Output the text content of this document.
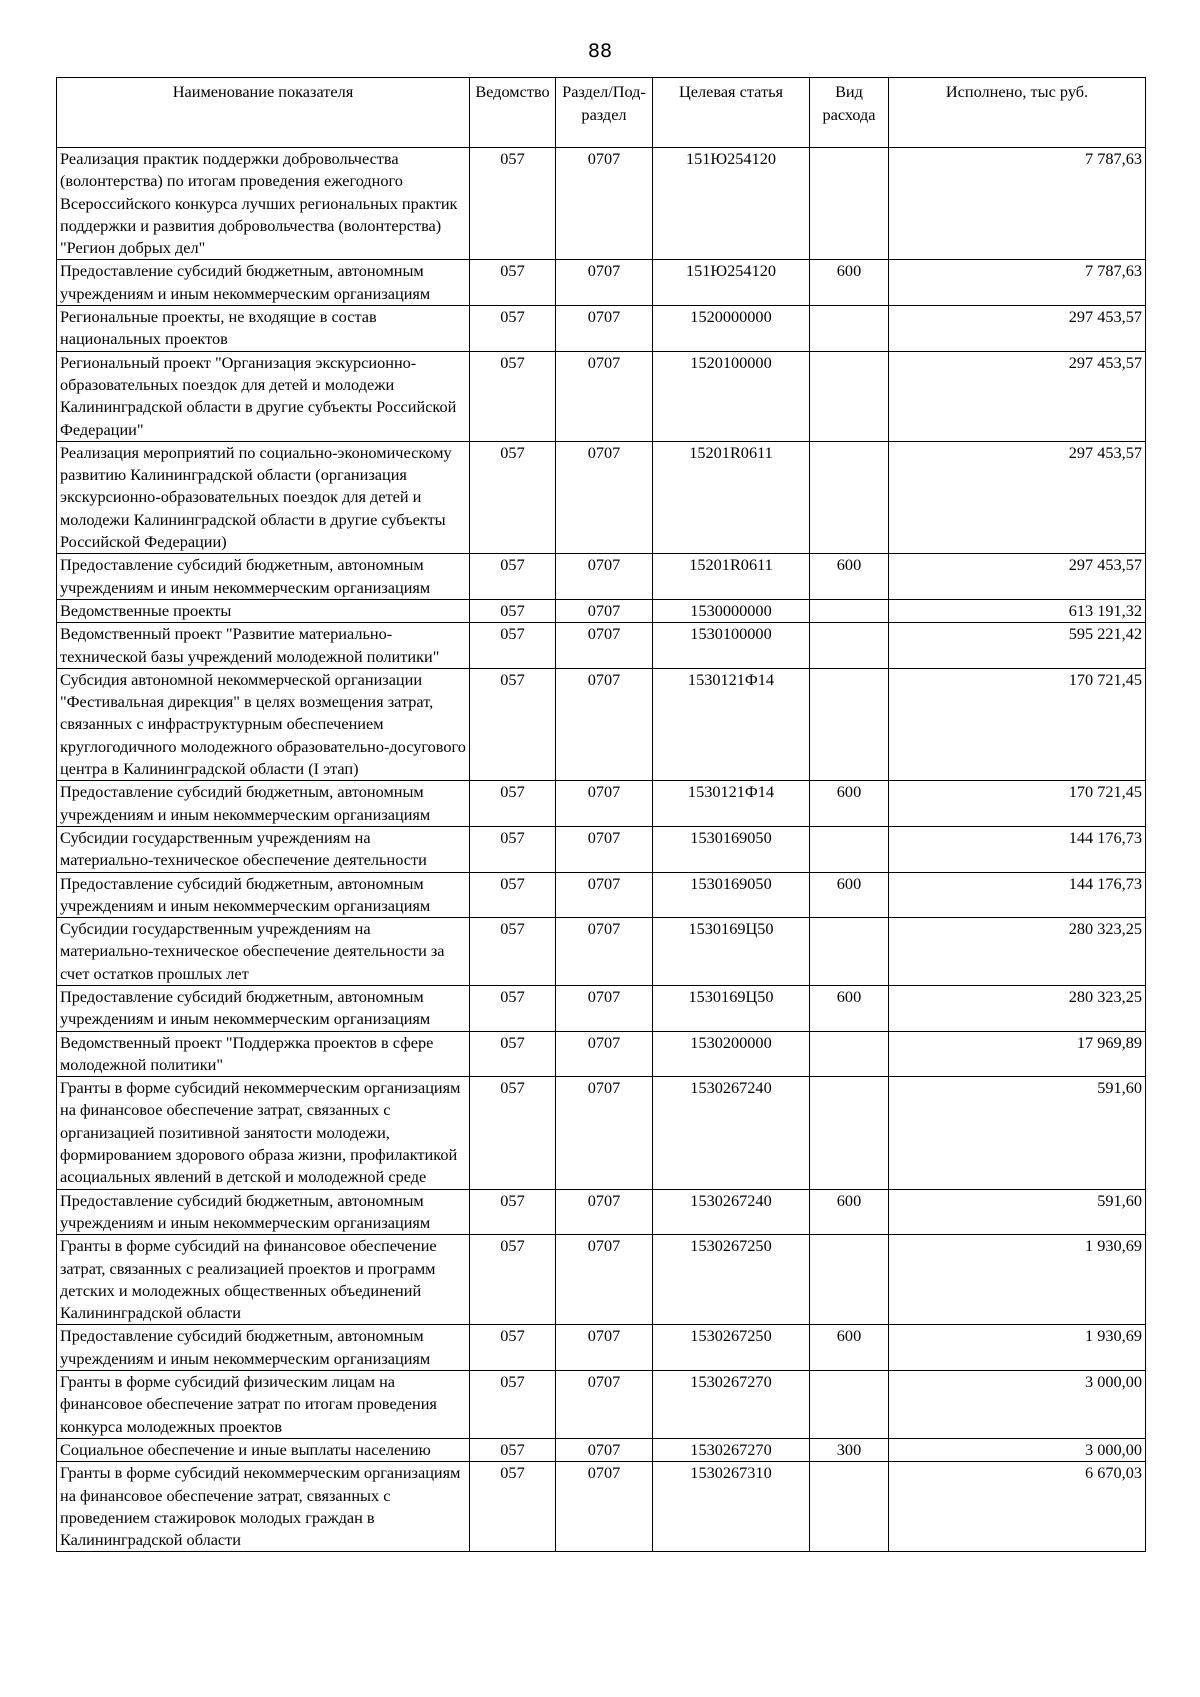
88
Наименование показателя	Ведомство	Раздел/Под-раздел	Целевая статья	Вид расхода	Исполнено, тыс руб.
Реализация практик поддержки добровольчества (волонтерства) по итогам проведения ежегодного Всероссийского конкурса лучших региональных практик поддержки и развития добровольчества (волонтерства) "Регион добрых дел"	057	0707	151Ю254120		7 787,63
Предоставление субсидий бюджетным, автономным учреждениям и иным некоммерческим организациям	057	0707	151Ю254120	600	7 787,63
Региональные проекты, не входящие в состав национальных проектов	057	0707	1520000000		297 453,57
Региональный проект "Организация экскурсионно-образовательных поездок для детей и молодежи Калининградской области в другие субъекты Российской Федерации"	057	0707	1520100000		297 453,57
Реализация мероприятий по социально-экономическому развитию Калининградской области (организация экскурсионно-образовательных поездок для детей и молодежи Калининградской области в другие субъекты Российской Федерации)	057	0707	15201R0611		297 453,57
Предоставление субсидий бюджетным, автономным учреждениям и иным некоммерческим организациям	057	0707	15201R0611	600	297 453,57
Ведомственные проекты	057	0707	1530000000		613 191,32
Ведомственный проект "Развитие материально-технической базы учреждений молодежной политики"	057	0707	1530100000		595 221,42
Субсидия автономной некоммерческой организации "Фестивальная дирекция" в целях возмещения затрат, связанных с инфраструктурным обеспечением круглогодичного молодежного образовательно-досугового центра в Калининградской области (I этап)	057	0707	1530121Ф14		170 721,45
Предоставление субсидий бюджетным, автономным учреждениям и иным некоммерческим организациям	057	0707	1530121Ф14	600	170 721,45
Субсидии государственным учреждениям на материально-техническое обеспечение деятельности	057	0707	1530169050		144 176,73
Предоставление субсидий бюджетным, автономным учреждениям и иным некоммерческим организациям	057	0707	1530169050	600	144 176,73
Субсидии государственным учреждениям на материально-техническое обеспечение деятельности за счет остатков прошлых лет	057	0707	1530169Ц50		280 323,25
Предоставление субсидий бюджетным, автономным учреждениям и иным некоммерческим организациям	057	0707	1530169Ц50	600	280 323,25
Ведомственный проект "Поддержка проектов в сфере молодежной политики"	057	0707	1530200000		17 969,89
Гранты в форме субсидий некоммерческим организациям на финансовое обеспечение затрат, связанных с организацией позитивной занятости молодежи, формированием здорового образа жизни, профилактикой асоциальных явлений в детской и молодежной среде	057	0707	1530267240		591,60
Предоставление субсидий бюджетным, автономным учреждениям и иным некоммерческим организациям	057	0707	1530267240	600	591,60
Гранты в форме субсидий на финансовое обеспечение затрат, связанных с реализацией проектов и программ детских и молодежных общественных объединений Калининградской области	057	0707	1530267250		1 930,69
Предоставление субсидий бюджетным, автономным учреждениям и иным некоммерческим организациям	057	0707	1530267250	600	1 930,69
Гранты в форме субсидий физическим лицам на финансовое обеспечение затрат по итогам проведения конкурса молодежных проектов	057	0707	1530267270		3 000,00
Социальное обеспечение и иные выплаты населению	057	0707	1530267270	300	3 000,00
Гранты в форме субсидий некоммерческим организациям на финансовое обеспечение затрат, связанных с проведением стажировок молодых граждан в Калининградской области	057	0707	1530267310		6 670,03
